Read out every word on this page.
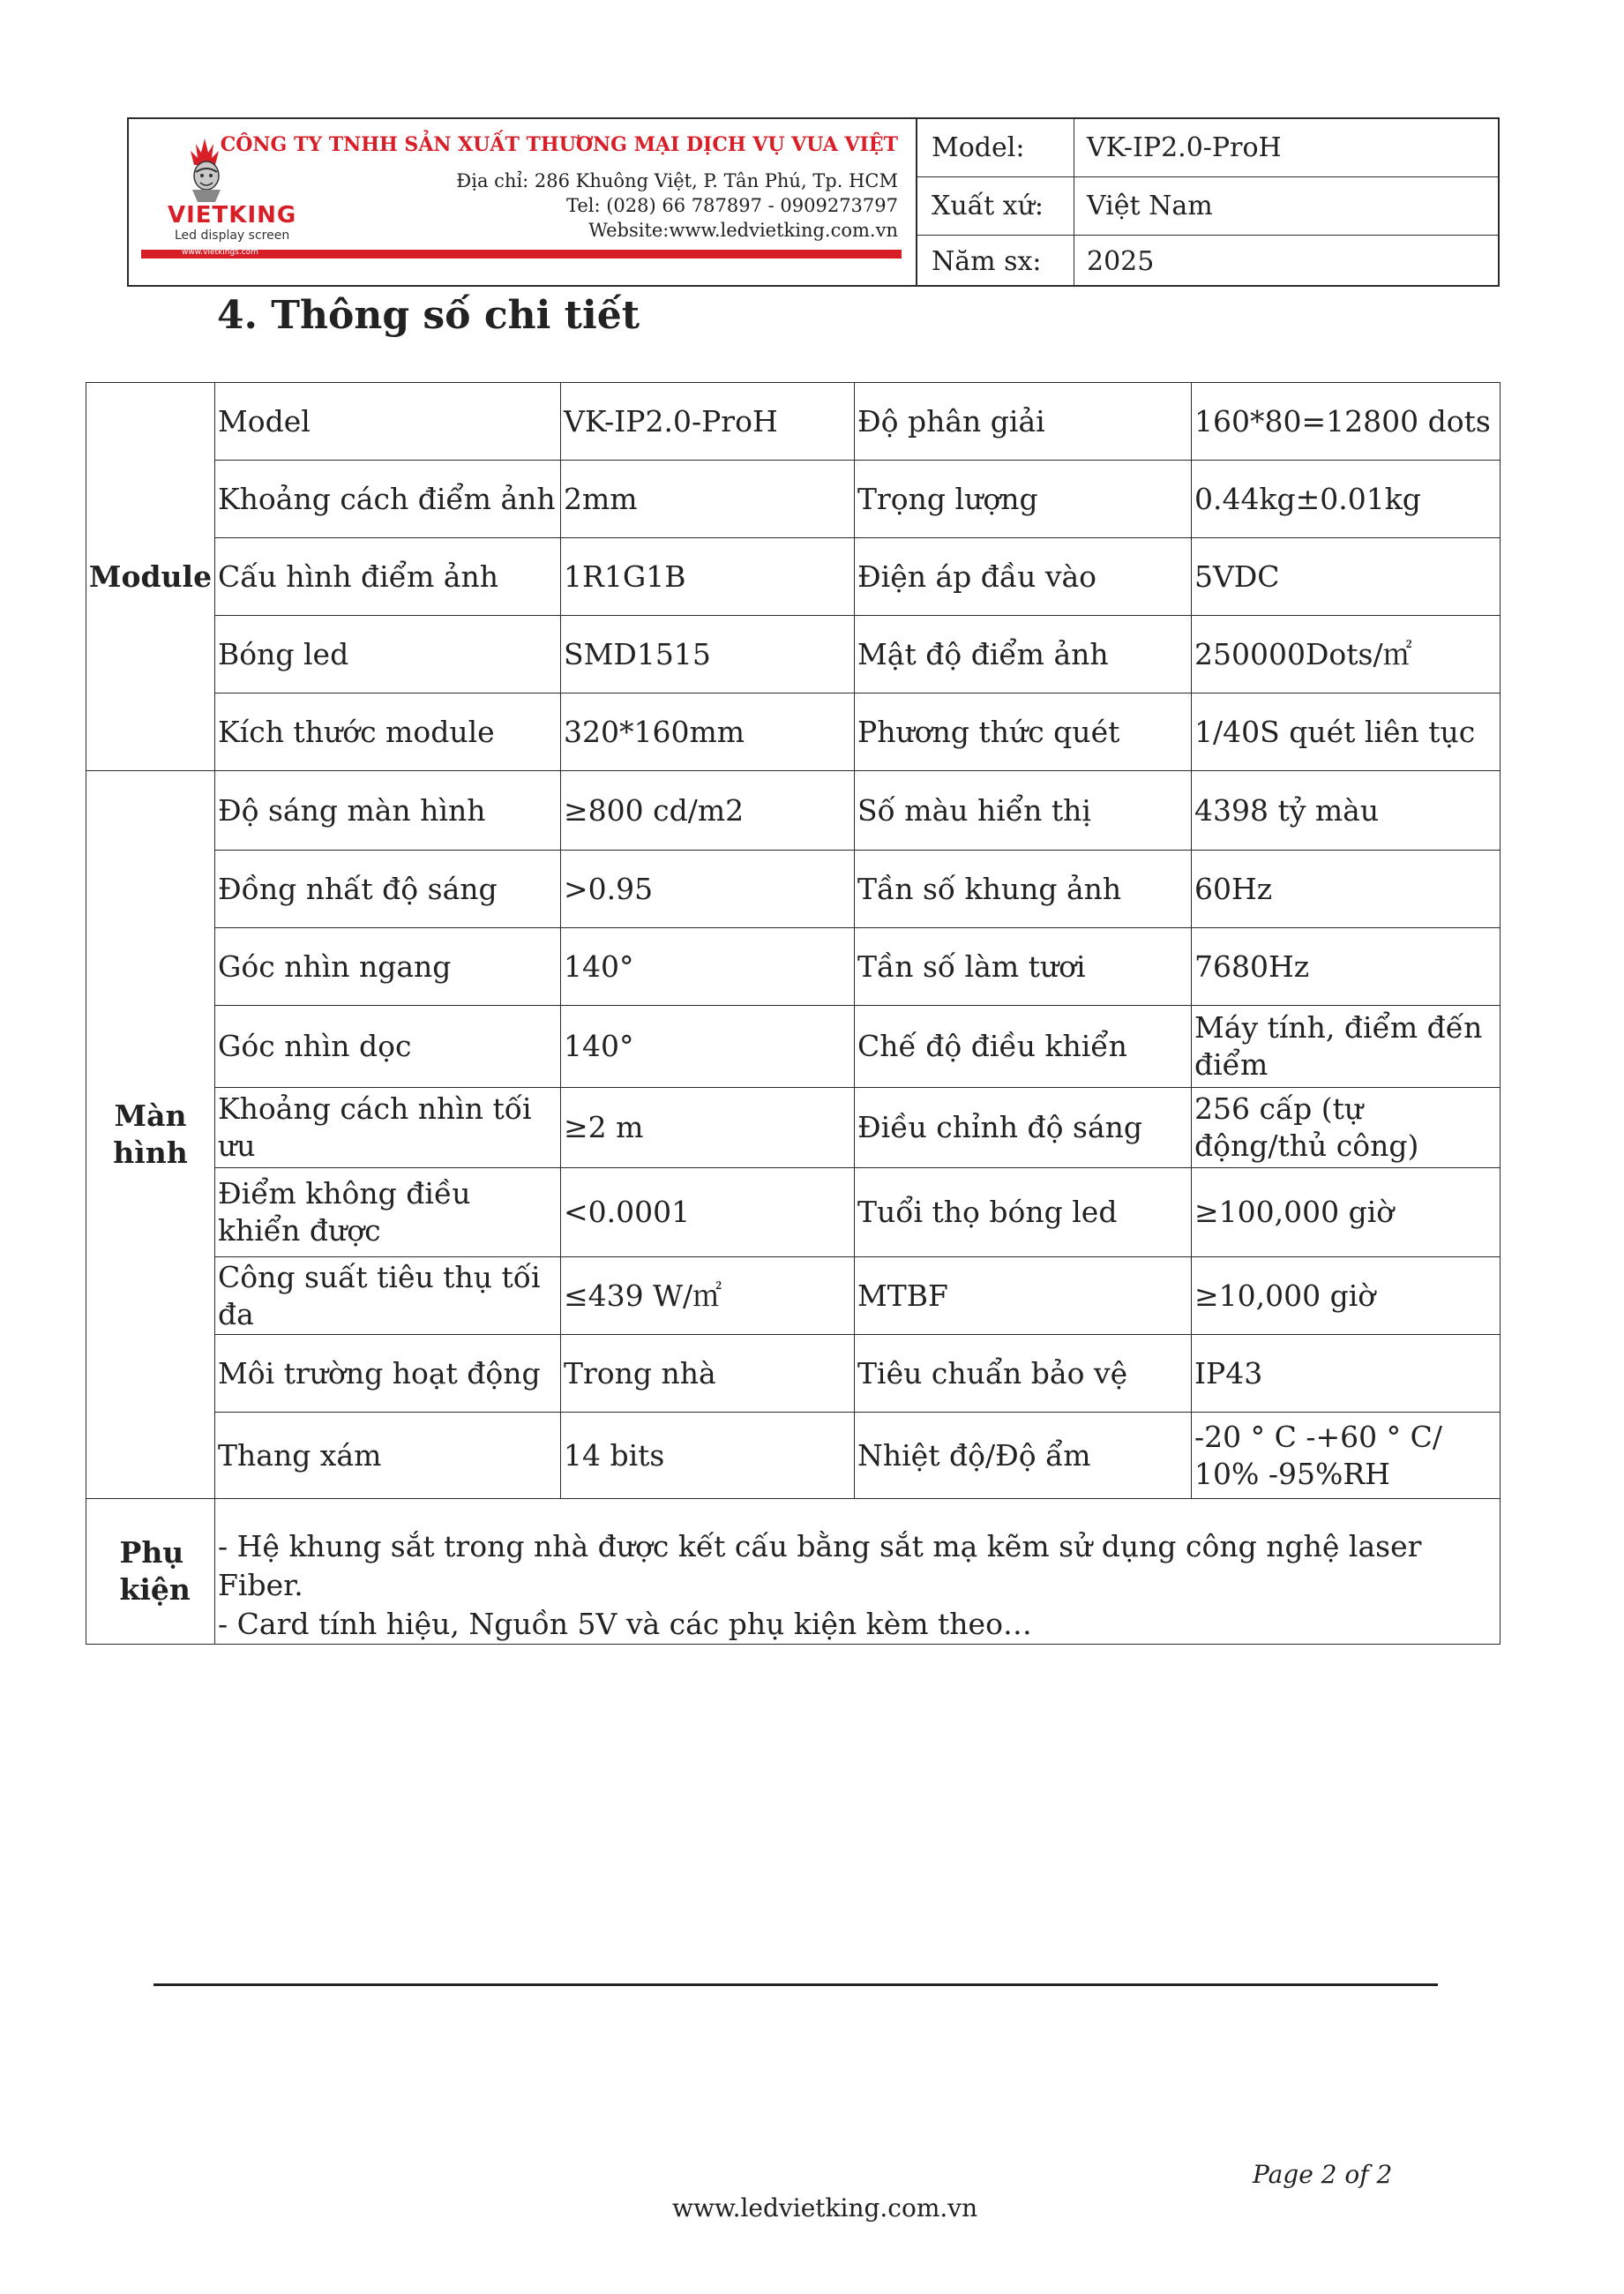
VIETKING
Led display screen
www.vietkings.com
CÔNG TY TNHH SẢN XUẤT THƯƠNG MẠI DỊCH VỤ VUA VIỆT
Địa chỉ: 286 Khuông Việt, P. Tân Phú, Tp. HCM
Tel: (028) 66 787897 - 0909273797
Website:www.ledvietking.com.vn
Model:	VK-IP2.0-ProH
Xuất xứ:	Việt Nam
Năm sx:	2025
4. Thông số chi tiết
Module	Model	VK-IP2.0-ProH	Độ phân giải	160*80=12800 dots
	Khoảng cách điểm ảnh	2mm	Trọng lượng	0.44kg±0.01kg
	Cấu hình điểm ảnh	1R1G1B	Điện áp đầu vào	5VDC
	Bóng led	SMD1515	Mật độ điểm ảnh	250000Dots/㎡
	Kích thước module	320*160mm	Phương thức quét	1/40S quét liên tục

Màn hình	Độ sáng màn hình	≥800 cd/m2	Số màu hiển thị	4398 tỷ màu
	Đồng nhất độ sáng	>0.95	Tần số khung ảnh	60Hz
	Góc nhìn ngang	140°	Tần số làm tươi	7680Hz
	Góc nhìn dọc	140°	Chế độ điều khiển	Máy tính, điểm đến điểm
	Khoảng cách nhìn tối ưu	≥2 m	Điều chỉnh độ sáng	256 cấp (tự động/thủ công)
	Điểm không điều khiển được	<0.0001	Tuổi thọ bóng led	≥100,000 giờ
	Công suất tiêu thụ tối đa	≤439 W/㎡	MTBF	≥10,000 giờ
	Môi trường hoạt động	Trong nhà	Tiêu chuẩn bảo vệ	IP43
	Thang xám	14 bits	Nhiệt độ/Độ ẩm	-20 ° C -+60 ° C/ 10% -95%RH

Phụ kiện	- Hệ khung sắt trong nhà được kết cấu bằng sắt mạ kẽm sử dụng công nghệ laser Fiber.
- Card tính hiệu, Nguồn 5V và các phụ kiện kèm theo…			
Page 2 of 2
www.ledvietking.com.vn
